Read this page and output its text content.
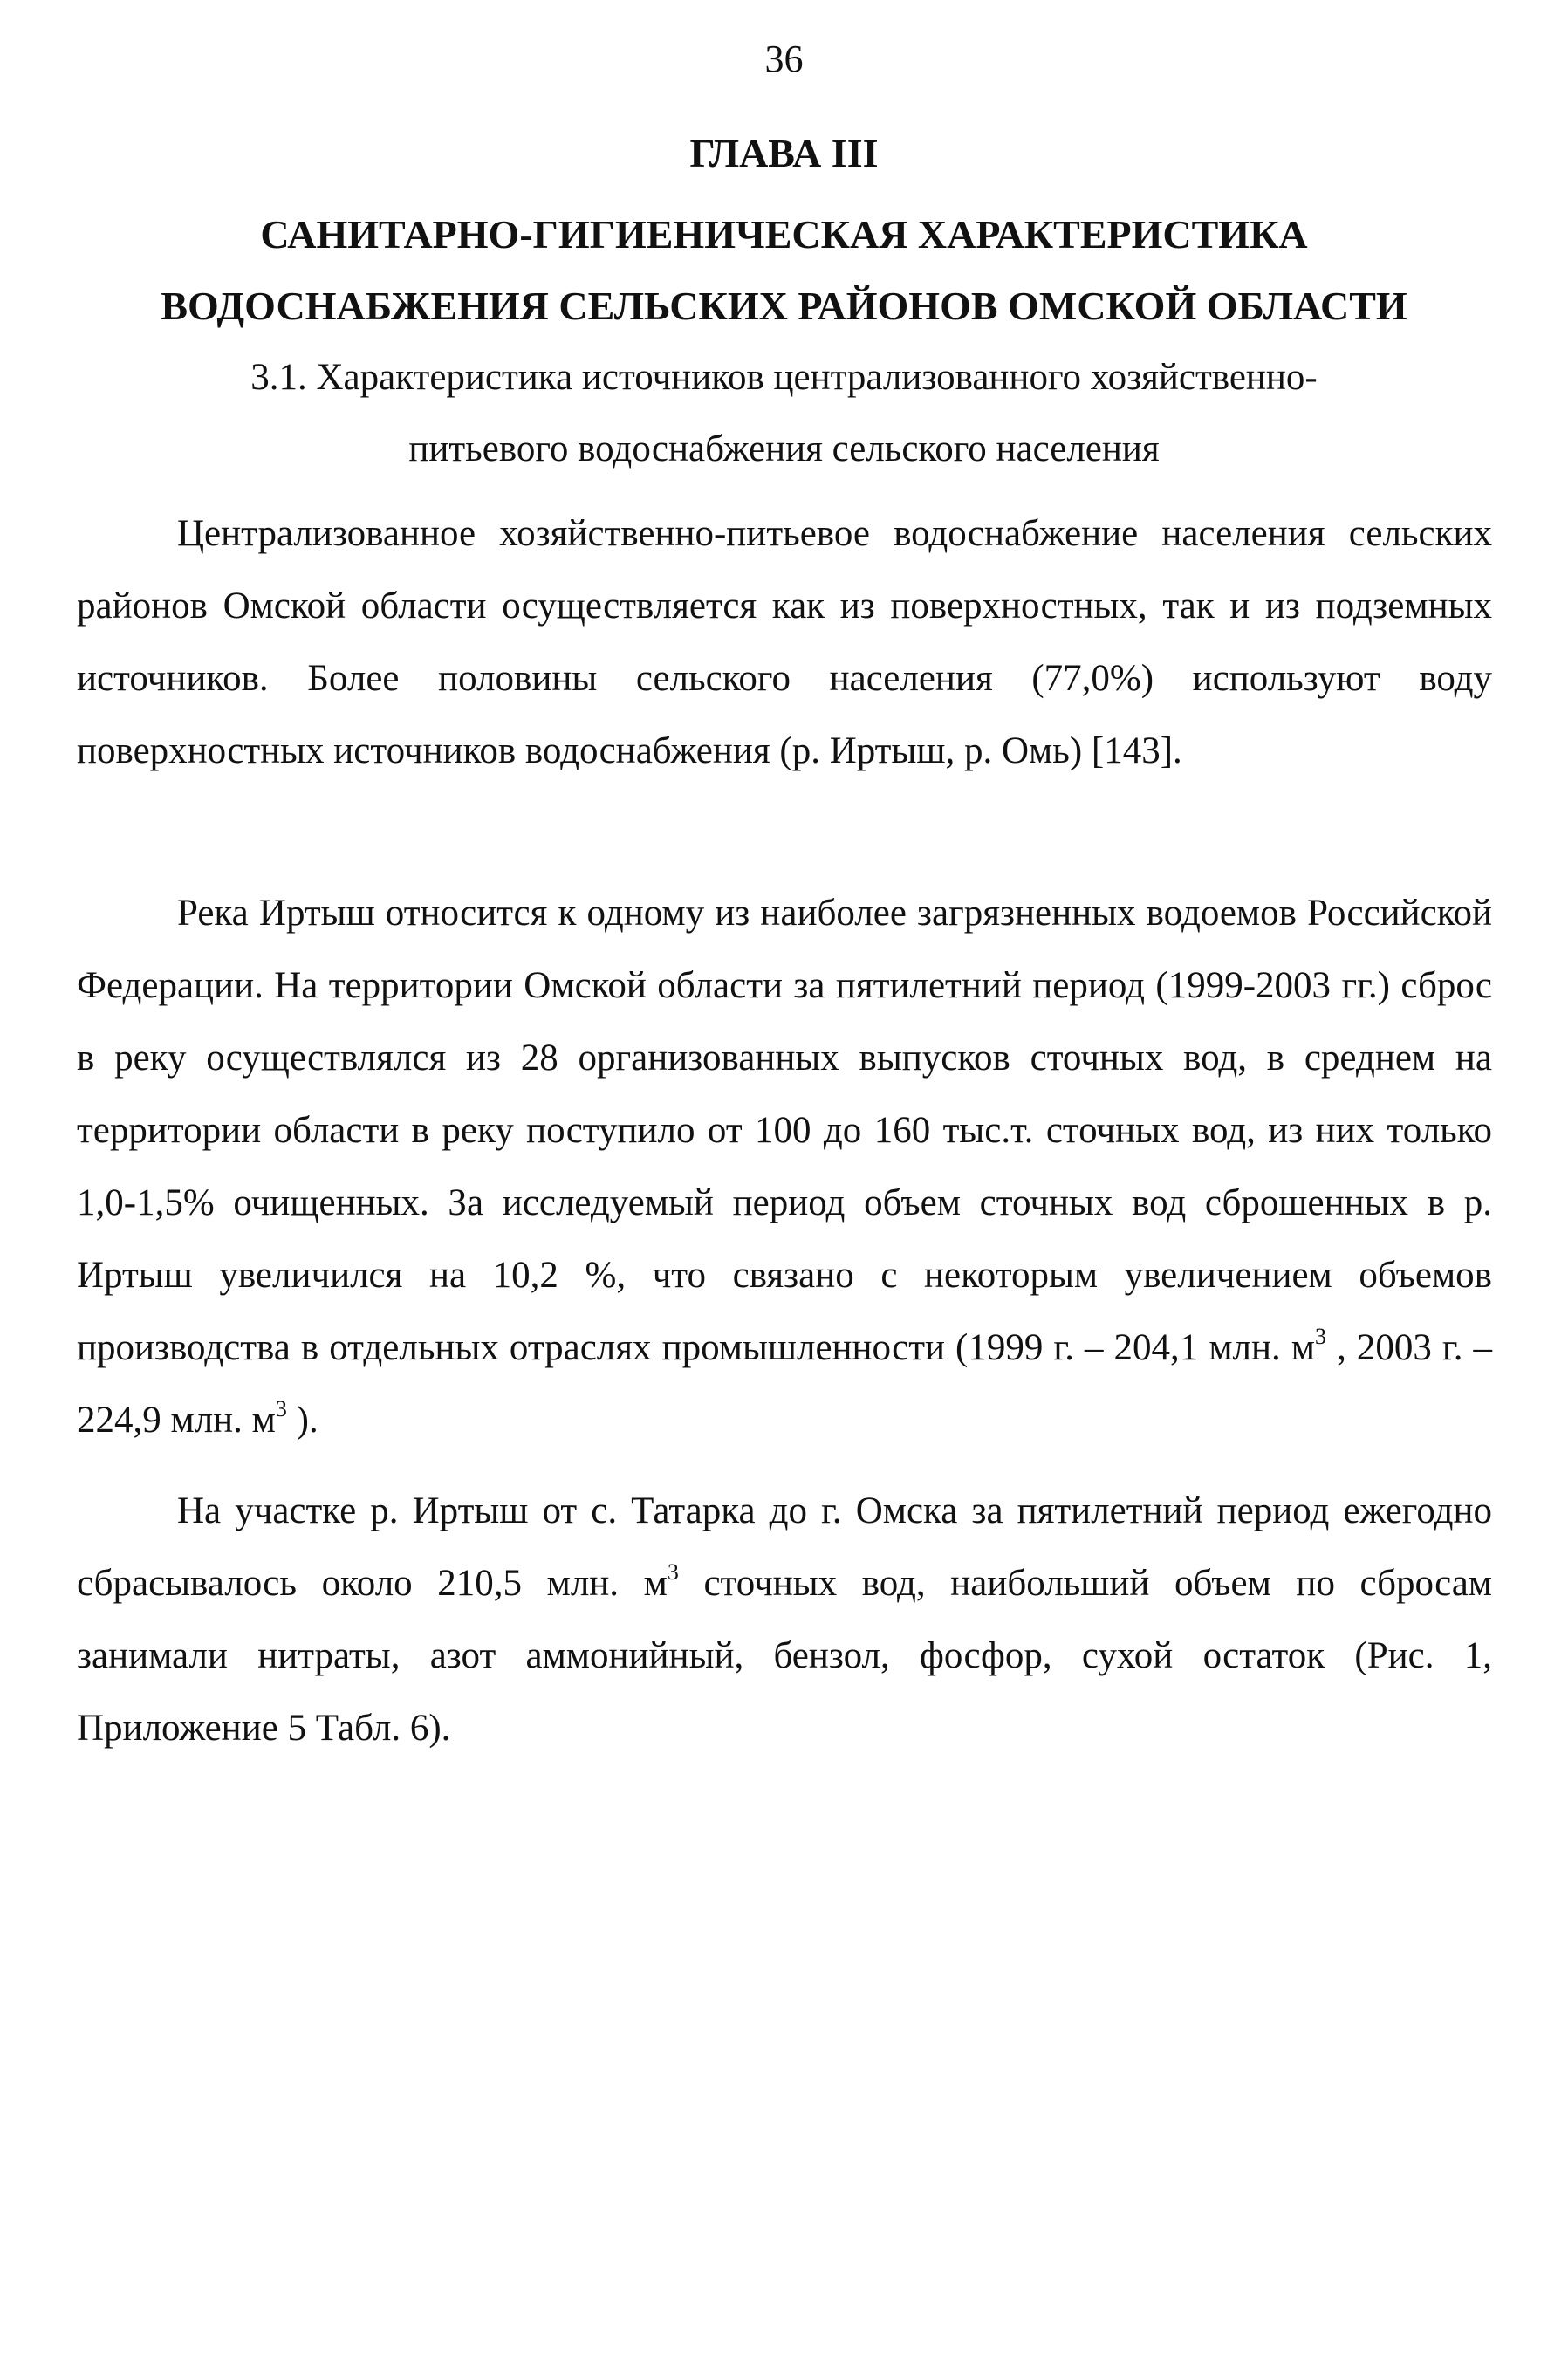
36
ГЛАВА III
САНИТАРНО-ГИГИЕНИЧЕСКАЯ ХАРАКТЕРИСТИКА
ВОДОСНАБЖЕНИЯ СЕЛЬСКИХ РАЙОНОВ ОМСКОЙ ОБЛАСТИ
3.1. Характеристика источников централизованного хозяйственно-
питьевого водоснабжения сельского населения

Централизованное хозяйственно-питьевое водоснабжение населения сельских районов Омской области осуществляется как из поверхностных, так и из подземных источников. Более половины сельского населения (77,0%) используют воду поверхностных источников водоснабжения (р. Иртыш, р. Омь) [143].

Река Иртыш относится к одному из наиболее загрязненных водоемов Российской Федерации. На территории Омской области за пятилетний период (1999-2003 гг.) сброс в реку осуществлялся из 28 организованных выпусков сточных вод, в среднем на территории области в реку поступило от 100 до 160 тыс.т. сточных вод, из них только 1,0-1,5% очищенных. За исследуемый период объем сточных вод сброшенных в р. Иртыш увеличился на 10,2 %, что связано с некоторым увеличением объемов производства в отдельных отраслях промышленности (1999 г. – 204,1 млн. $м^3$ , 2003 г. – 224,9 млн. $м^3$ ).

На участке р. Иртыш от с. Татарка до г. Омска за пятилетний период ежегодно сбрасывалось около 210,5 млн. $м^3$ сточных вод, наибольший объем по сбросам занимали нитраты, азот аммонийный, бензол, фосфор, сухой остаток (Рис. 1, Приложение 5 Табл. 6).
